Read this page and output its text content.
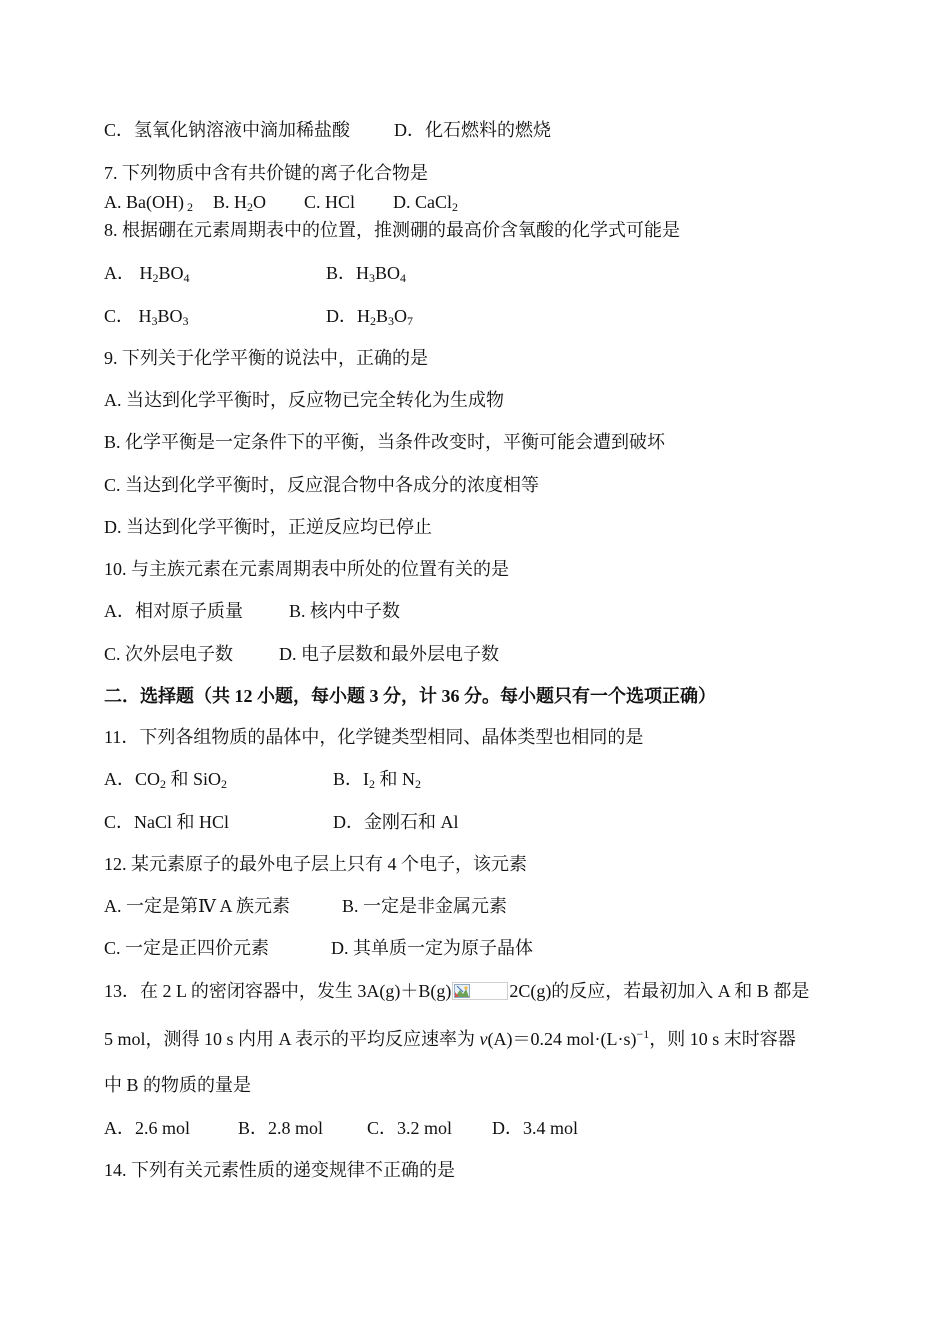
C．氢氧化钠溶液中滴加稀盐酸 D．化石燃料的燃烧
7. 下列物质中含有共价键的离子化合物是
A. Ba(OH) $_2$ B. $H_2O$ C. HCl D. CaCl$_2$
8. 根据硼在元素周期表中的位置，推测硼的最高价含氧酸的化学式可能是
A． $H_2BO_4$	B．$H_3BO_4$
C． $H_3BO_3$	D．$H_2B_3O_7$
9. 下列关于化学平衡的说法中，正确的是
A. 当达到化学平衡时，反应物已完全转化为生成物
B. 化学平衡是一定条件下的平衡，当条件改变时，平衡可能会遭到破坏
C. 当达到化学平衡时，反应混合物中各成分的浓度相等
D. 当达到化学平衡时，正逆反应均已停止
10. 与主族元素在元素周期表中所处的位置有关的是
A．相对原子质量	B. 核内中子数
C. 次外层电子数	D. 电子层数和最外层电子数
二．选择题（共 12 小题，每小题 3 分，计 36 分。每小题只有一个选项正确）
11．下列各组物质的晶体中，化学键类型相同、晶体类型也相同的是
A．$CO_2$ 和 SiO$_2$	B．$I_2$ 和 $N_2$
C．NaCl 和 HCl	D．金刚石和 Al
12. 某元素原子的最外电子层上只有 4 个电子，该元素
A. 一定是第Ⅳ A 族元素	B. 一定是非金属元素
C. 一定是正四价元素	D. 其单质一定为原子晶体
13．在 2 L 的密闭容器中，发生 3A(g)＋B(g)	2C(g)的反应，若最初加入 A 和 B 都是
5 mol，测得 10 s 内用 A 表示的平均反应速率为 v(A)＝0.24 $mol\cdot(L\cdot s)^{-1}$，则 10 s 末时容器
中 B 的物质的量是
A．2.6 mol	B．2.8 mol C．3.2 mol D．3.4 mol
14. 下列有关元素性质的递变规律不正确的是
